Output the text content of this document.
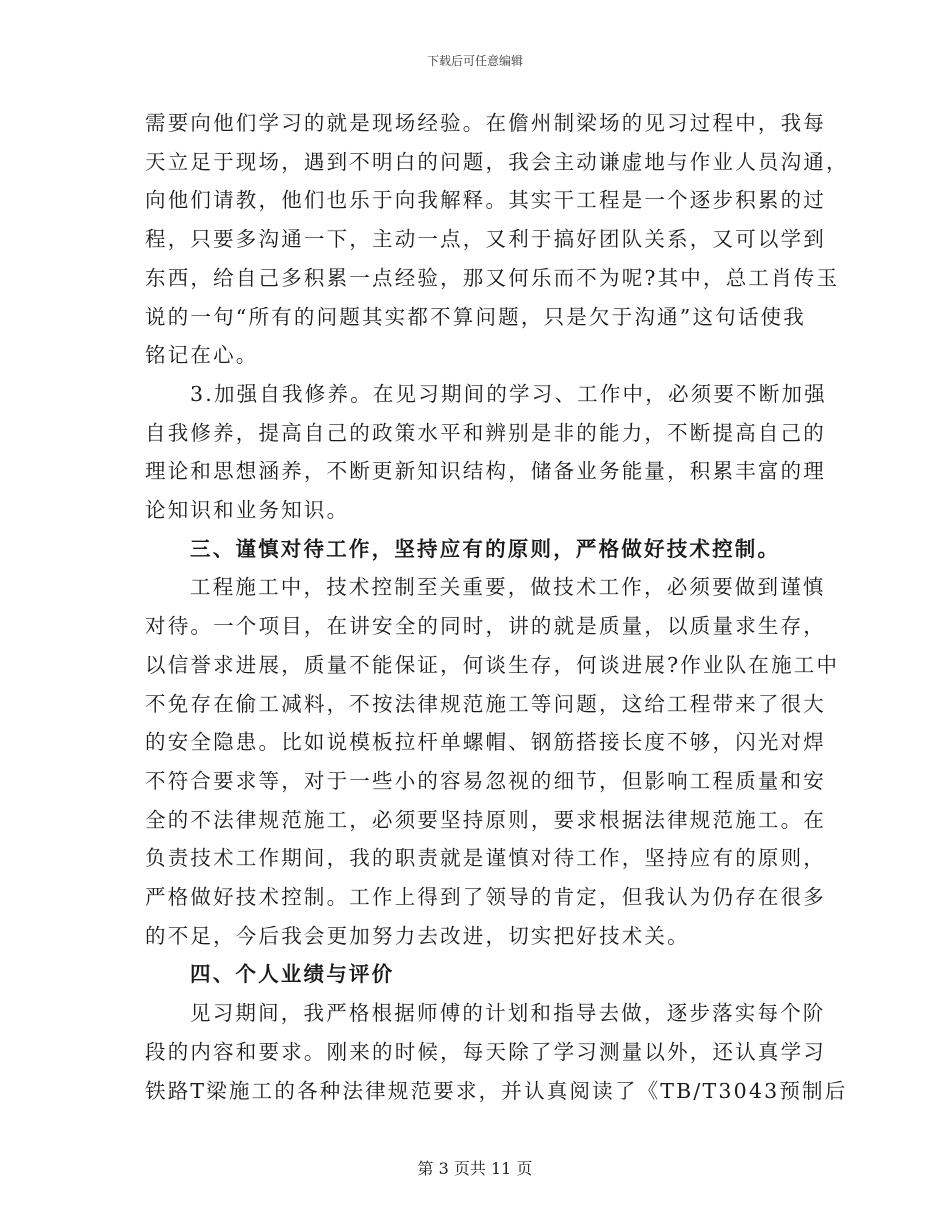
下载后可任意编辑

需要向他们学习的就是现场经验。在儋州制梁场的见习过程中，我每
天立足于现场，遇到不明白的问题，我会主动谦虚地与作业人员沟通，
向他们请教，他们也乐于向我解释。其实干工程是一个逐步积累的过
程，只要多沟通一下，主动一点，又利于搞好团队关系，又可以学到
东西，给自己多积累一点经验，那又何乐而不为呢?其中，总工肖传玉
说的一句“所有的问题其实都不算问题，只是欠于沟通”这句话使我
铭记在心。

3.加强自我修养。在见习期间的学习、工作中，必须要不断加强
自我修养，提高自己的政策水平和辨别是非的能力，不断提高自己的
理论和思想涵养，不断更新知识结构，储备业务能量，积累丰富的理
论知识和业务知识。

三、谨慎对待工作，坚持应有的原则，严格做好技术控制。

工程施工中，技术控制至关重要，做技术工作，必须要做到谨慎
对待。一个项目，在讲安全的同时，讲的就是质量，以质量求生存，
以信誉求进展，质量不能保证，何谈生存，何谈进展?作业队在施工中
不免存在偷工减料，不按法律规范施工等问题，这给工程带来了很大
的安全隐患。比如说模板拉杆单螺帽、钢筋搭接长度不够，闪光对焊
不符合要求等，对于一些小的容易忽视的细节，但影响工程质量和安
全的不法律规范施工，必须要坚持原则，要求根据法律规范施工。在
负责技术工作期间，我的职责就是谨慎对待工作，坚持应有的原则，
严格做好技术控制。工作上得到了领导的肯定，但我认为仍存在很多
的不足，今后我会更加努力去改进，切实把好技术关。

四、个人业绩与评价

见习期间，我严格根据师傅的计划和指导去做，逐步落实每个阶
段的内容和要求。刚来的时候，每天除了学习测量以外，还认真学习
铁路T梁施工的各种法律规范要求，并认真阅读了《TB/T3043预制后

第 3 页共 11 页
